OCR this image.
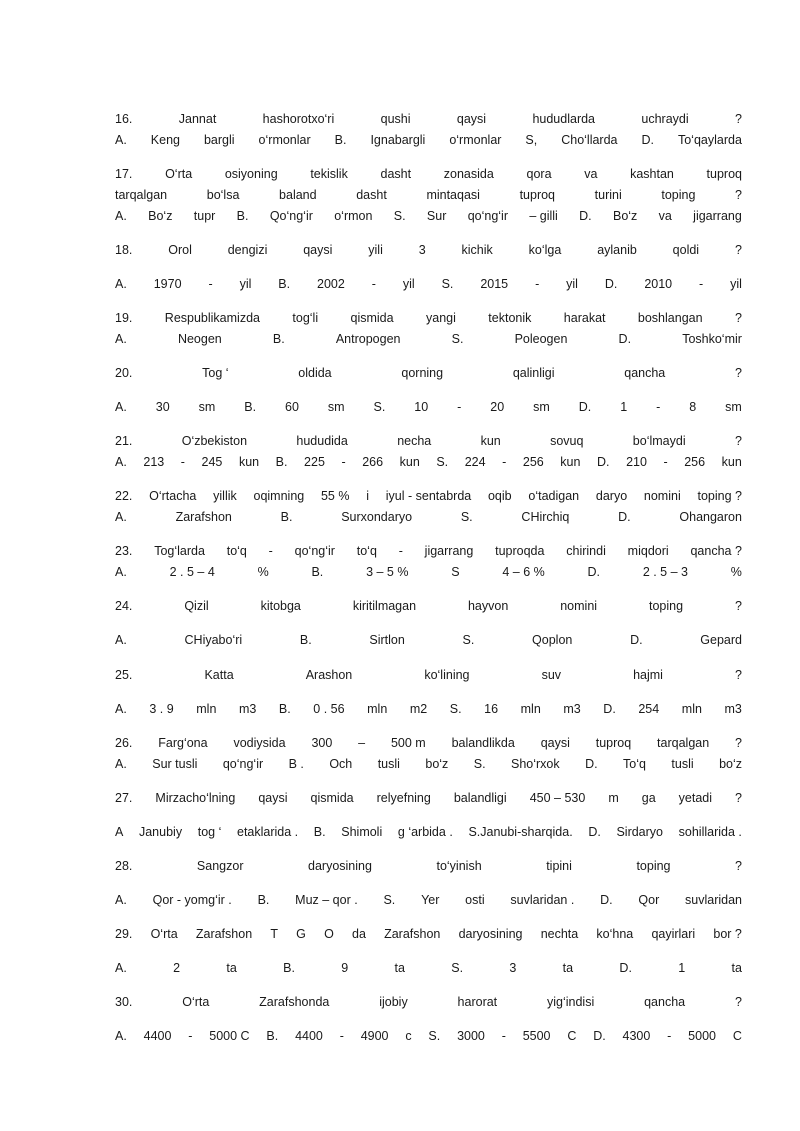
16.	Jannat	hashorotxo‘ri	qushi	qaysi	hududlarda	uchraydi	?
A. Keng bargli o‘rmonlar B. Ignabargli o‘rmonlar S, Cho‘llarda D. To‘qaylarda
17.	O‘rta	osiyoning	tekislik	dasht	zonasida	qora	va	kashtan	tuproq
tarqalgan	bo‘lsa	baland	dasht	mintaqasi	tuproq	turini	toping	?
A. Bo‘z tupr B. Qo‘ng‘ir o‘rmon S. Sur qo‘ng‘ir – gilli D. Bo‘z va jigarrang
18.	Orol	dengizi	qaysi	yili	3	kichik	ko‘lga	aylanib	qoldi	?
A. 1970 - yil B. 2002 - yil S. 2015 - yil D. 2010 - yil
19.	Respublikamizda	tog‘li	qismida	yangi	tektonik	harakat	boshlangan	?
A.	Neogen	B.	Antropogen	S.	Poleogen	D.	Toshko‘mir
20.	Tog ‘	oldida	qorning	qalinligi	qancha	?
A. 30 sm B. 60 sm S. 10 - 20 sm D. 1 - 8 sm
21.	O‘zbekiston	hududida	necha	kun	sovuq	bo‘lmaydi	?
A. 213 - 245 kun B. 225 - 266 kun S. 224 - 256 kun D. 210 - 256 kun
22. O‘rtacha yillik oqimning 55 % i iyul - sentabrda oqib o‘tadigan daryo nomini toping ?
A.	Zarafshon	B.	Surxondaryo	S.	CHirchiq	D.	Ohangaron
23. Tog‘larda to‘q - qo‘ng‘ir to‘q - jigarrang tuproqda chirindi miqdori qancha ?
A.	2 . 5 – 4	%	B.	3 – 5 %	S	4 – 6 %	D.	2 . 5 – 3	%
24.	Qizil	kitobga	kiritilmagan	hayvon	nomini	toping	?
A.	CHiyabo‘ri	B.	Sirtlon	S.	Qoplon	D.	Gepard
25.	Katta	Arashon	ko‘lining	suv	hajmi	?
A. 3 . 9 mln m3 B. 0 . 56 mln m2 S. 16 mln m3 D. 254 mln m3
26. Farg‘ona vodiysida 300 – 500 m balandlikda qaysi tuproq tarqalgan ?
A. Sur tusli qo‘ng‘ir B . Och tusli bo‘z S. Sho‘rxok D. To‘q tusli bo‘z
27. Mirzacho‘lning qaysi qismida relyefning balandligi 450 – 530 m ga yetadi ?
A Janubiy tog ‘ etaklarida . B. Shimoli g ‘arbida . S.Janubi-sharqida. D. Sirdaryo sohillarida .
28.	Sangzor	daryosining	to‘yinish	tipini	toping	?
A. Qor - yomg‘ir . B. Muz – qor . S. Yer osti suvlaridan . D. Qor suvlaridan
29. O‘rta Zarafshon T G O da Zarafshon daryosining nechta ko‘hna qayirlari bor ?
A.	2	ta	B.	9	ta	S.	3	ta	D.	1	ta
30.	O‘rta	Zarafshonda	ijobiy	harorat	yig‘indisi	qancha	?
A. 4400 - 5000 C B. 4400 - 4900 c S. 3000 - 5500 C D. 4300 - 5000 C
